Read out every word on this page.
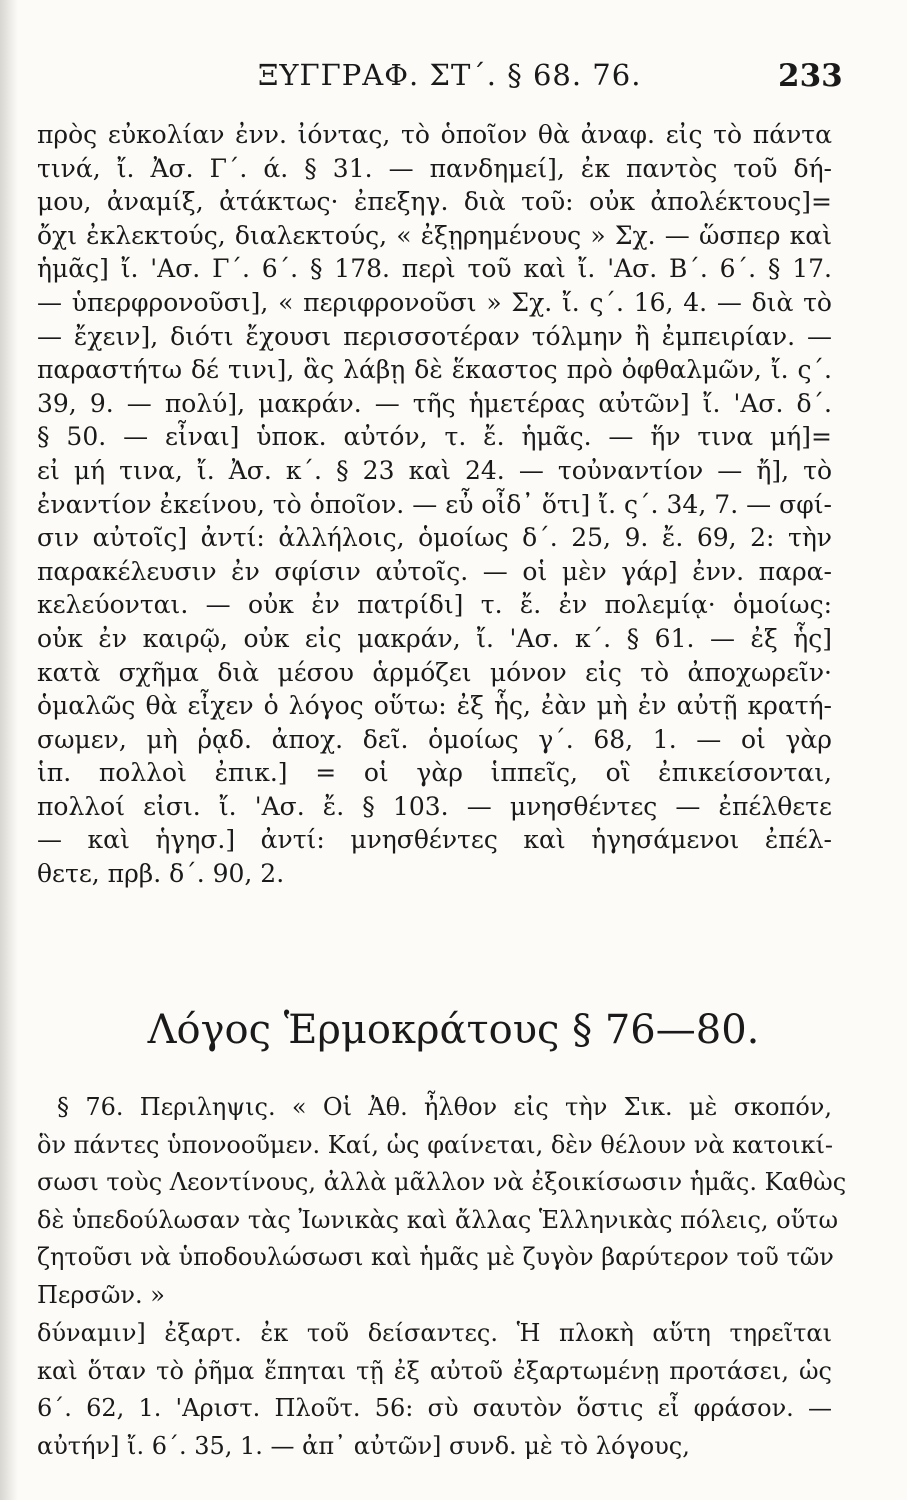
ΞΥΓΓΡΑΦ. ΣΤ΄. § 68. 76.	233
πρὸς εὐκολίαν ἐνν. ἰόντας, τὸ ὁποῖον θὰ ἀναφ. εἰς τὸ πάντα
τινά, ἴ. Ἀσ. Γ΄. ά. § 31. — πανδημεί], ἐκ παντὸς τοῦ δή-
μου, ἀναμίξ, ἀτάκτως· ἐπεξηγ. διὰ τοῦ: οὐκ ἀπολέκτους]=
ὄχι ἐκλεκτούς, διαλεκτούς, « ἐξῃρημένους » Σχ. — ὥσπερ καὶ
ἡμᾶς] ἴ. 'Ασ. Γ΄. 6΄. § 178. περὶ τοῦ καὶ ἴ. 'Ασ. Β΄. 6΄. § 17.
— ὑπερφρονοῦσι], « περιφρονοῦσι » Σχ. ἴ. ς΄. 16, 4. — διὰ τὸ
— ἔχειν], διότι ἔχουσι περισσοτέραν τόλμην ἢ ἐμπειρίαν. —
παραστήτω δέ τινι], ἃς λάβῃ δὲ ἕκαστος πρὸ ὀφθαλμῶν, ἴ. ς΄.
39, 9. — πολύ], μακράν. — τῆς ἡμετέρας αὐτῶν] ἴ. 'Ασ. δ΄.
§ 50. — εἶναι] ὑποκ. αὐτόν, τ. ἔ. ἡμᾶς. — ἥν τινα μή]=
εἰ μή τινα, ἴ. Ἀσ. κ΄. § 23 καὶ 24. — τοὐναντίον — ἤ], τὸ
ἐναντίον ἐκείνου, τὸ ὁποῖον. — εὖ οἶδ᾽ ὅτι] ἴ. ς΄. 34, 7. — σφί-
σιν αὐτοῖς] ἀντί: ἀλλήλοις, ὁμοίως δ΄. 25, 9. ἔ. 69, 2: τὴν
παρακέλευσιν ἐν σφίσιν αὐτοῖς. — οἱ μὲν γάρ] ἐνν. παρα-
κελεύονται. — οὐκ ἐν πατρίδι] τ. ἔ. ἐν πολεμίᾳ· ὁμοίως:
οὐκ ἐν καιρῷ, οὐκ εἰς μακράν, ἴ. 'Ασ. κ΄. § 61. — ἐξ ἧς]
κατὰ σχῆμα διὰ μέσου ἁρμόζει μόνον εἰς τὸ ἀποχωρεῖν·
ὁμαλῶς θὰ εἶχεν ὁ λόγος οὕτω: ἐξ ἧς, ἐὰν μὴ ἐν αὐτῇ κρατή-
σωμεν, μὴ ῥᾳδ. ἀποχ. δεῖ. ὁμοίως γ΄. 68, 1. — οἱ γὰρ
ἱπ. πολλοὶ ἐπικ.] = οἱ γὰρ ἱππεῖς, οἳ ἐπικείσονται,
πολλοί εἰσι. ἴ. 'Ασ. ἔ. § 103. — μνησθέντες — ἐπέλθετε
— καὶ ἡγησ.] ἀντί: μνησθέντες καὶ ἡγησάμενοι ἐπέλ-
θετε, πρβ. δ΄. 90, 2.
Λόγος Ἑρμοκράτους § 76—80.
§ 76. Περιληψις. « Οἱ Ἀθ. ἦλθον εἰς τὴν Σικ. μὲ σκοπόν,
ὃν πάντες ὑπονοοῦμεν. Καί, ὡς φαίνεται, δὲν θέλουν νὰ κατοικί-
σωσι τοὺς Λεοντίνους, ἀλλὰ μᾶλλον νὰ ἐξοικίσωσιν ἡμᾶς. Καθὼς
δὲ ὑπεδούλωσαν τὰς Ἰωνικὰς καὶ ἄλλας Ἑλληνικὰς πόλεις, οὕτω
ζητοῦσι νὰ ὑποδουλώσωσι καὶ ἡμᾶς μὲ ζυγὸν βαρύτερον τοῦ τῶν
Περσῶν. »
δύναμιν] ἐξαρτ. ἐκ τοῦ δείσαντες. Ἡ πλοκὴ αὕτη τηρεῖται
καὶ ὅταν τὸ ῥῆμα ἕπηται τῇ ἐξ αὐτοῦ ἐξαρτωμένῃ προτάσει, ὡς
6΄. 62, 1. 'Αριστ. Πλοῦτ. 56: σὺ σαυτὸν ὅστις εἶ φράσον. —
αὐτήν] ἴ. 6΄. 35, 1. — ἀπ᾽ αὐτῶν] συνδ. μὲ τὸ λόγους,
